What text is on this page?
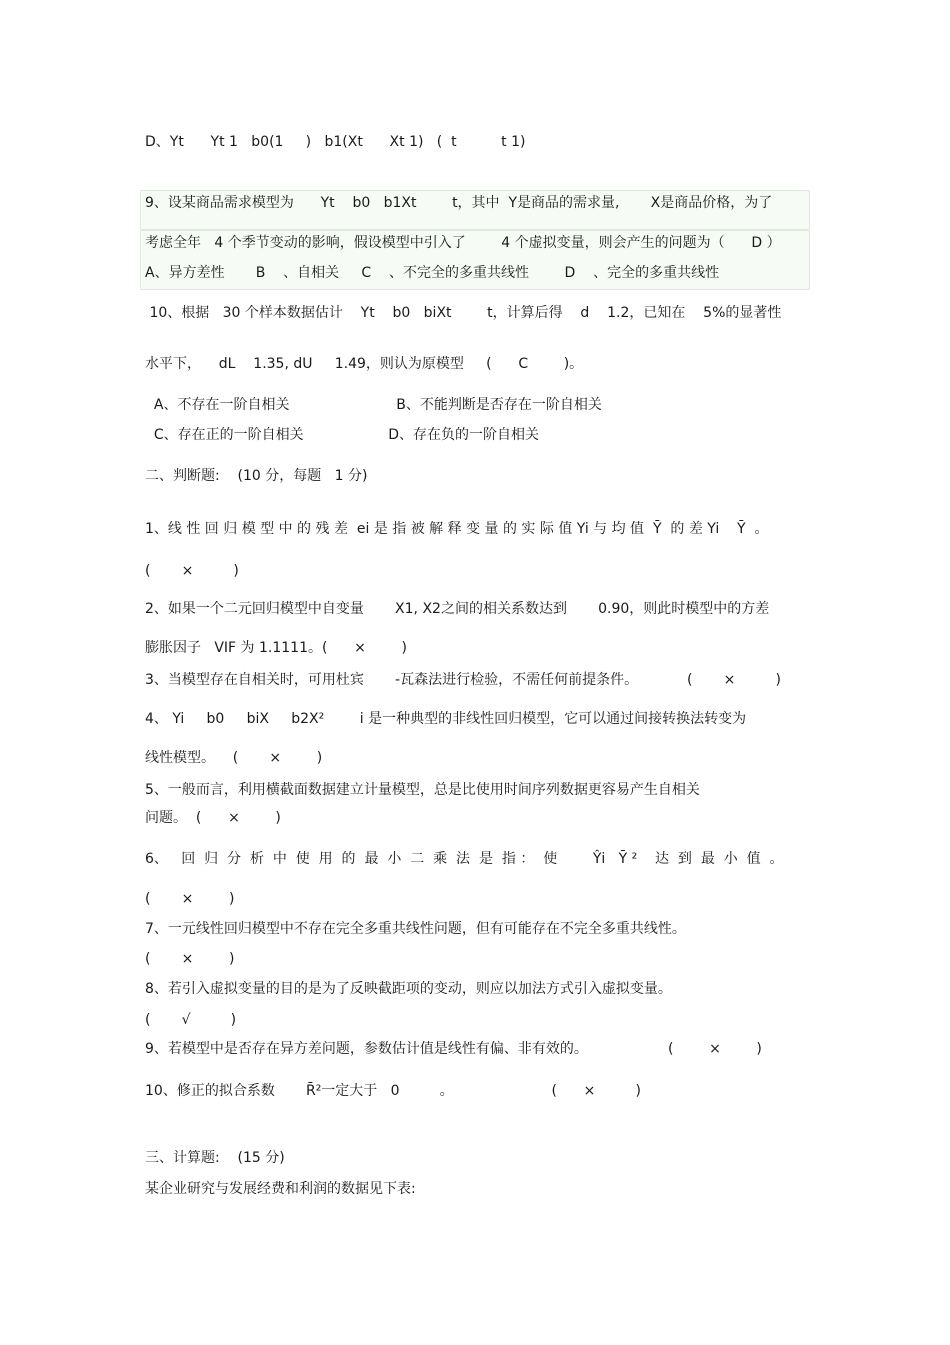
D、Yt      Yt 1   b0(1     )   b1(Xt      Xt 1)   (  t          t 1)
9、设某商品需求模型为      Yt    b0   b1Xt        t，其中  Y是商品的需求量,       X是商品价格，为了
考虑全年   4 个季节变动的影响，假设模型中引入了        4 个虚拟变量，则会产生的问题为（      D ）
A、异方差性       B    、自相关     C    、不完全的多重共线性        D    、完全的多重共线性
10、根据   30 个样本数据估计    Yt    b0   biXt        t，计算后得    d    1.2，已知在    5%的显著性
水平下，    dL    1.35, dU     1.49，则认为原模型     (      C        )。
A、不存在一阶自相关                        B、不能判断是否存在一阶自相关
C、存在正的一阶自相关                   D、存在负的一阶自相关
二、判断题:    (10 分，每题   1 分)
1、线 性 回 归 模 型 中 的 残 差  ei 是 指 被 解 释 变 量 的 实 际 值 Yi 与 均 值  Ȳ  的 差 Yi    Ȳ  。
(       ×         )
2、如果一个二元回归模型中自变量       X1, X2之间的相关系数达到       0.90，则此时模型中的方差
膨胀因子   VIF 为 1.1111。(      ×        )
3、当模型存在自相关时，可用杜宾       -瓦森法进行检验，不需任何前提条件。           (       ×         )
4、 Yi     b0     biX     b2X²        i 是一种典型的非线性回归模型，它可以通过间接转换法转变为
线性模型。    (       ×        )
5、一般而言，利用横截面数据建立计量模型，总是比使用时间序列数据更容易产生自相关
问题。  (      ×        )
6、   回  归  分  析  中  使  用  的  最  小  二  乘  法  是  指 ：  使        Ŷi   Ȳ ²    达  到  最  小  值  。
(       ×        )
7、一元线性回归模型中不存在完全多重共线性问题，但有可能存在不完全多重共线性。
(       ×        )
8、若引入虚拟变量的目的是为了反映截距项的变动，则应以加法方式引入虚拟变量。
(       √         )
9、若模型中是否存在异方差问题，参数估计值是线性有偏、非有效的。                  (        ×        )
10、修正的拟合系数       R̄²一定大于   0         。                      (      ×         )
三、计算题:    (15 分)
某企业研究与发展经费和利润的数据见下表:
